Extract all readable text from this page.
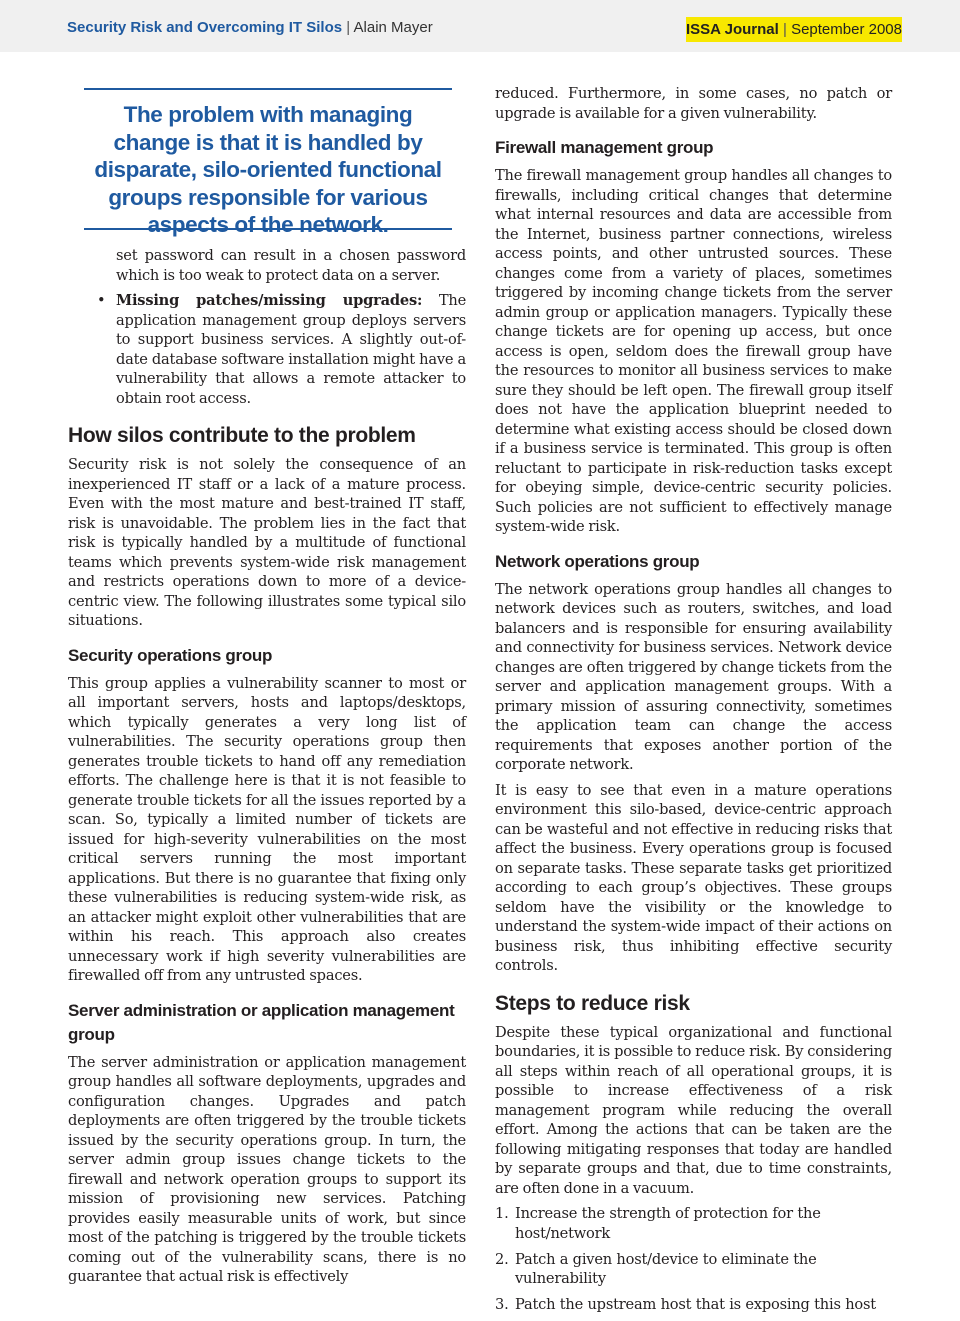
Security Risk and Overcoming IT Silos | Alain Mayer	ISSA Journal | September 2008

The problem with managing change is that it is handled by disparate, silo-oriented functional groups responsible for various aspects of the network.

set password can result in a chosen password which is too weak to protect data on a server.

• Missing patches/missing upgrades: The application management group deploys servers to support business services. A slightly out-of-date database software installation might have a vulnerability that allows a remote attacker to obtain root access.

How silos contribute to the problem

Security risk is not solely the consequence of an inexperienced IT staff or a lack of a mature process. Even with the most mature and best-trained IT staff, risk is unavoidable. The problem lies in the fact that risk is typically handled by a multitude of functional teams which prevents system-wide risk management and restricts operations down to more of a device-centric view. The following illustrates some typical silo situations.

Security operations group

This group applies a vulnerability scanner to most or all important servers, hosts and laptops/desktops, which typically generates a very long list of vulnerabilities. The security operations group then generates trouble tickets to hand off any remediation efforts. The challenge here is that it is not feasible to generate trouble tickets for all the issues reported by a scan. So, typically a limited number of tickets are issued for high-severity vulnerabilities on the most critical servers running the most important applications. But there is no guarantee that fixing only these vulnerabilities is reducing system-wide risk, as an attacker might exploit other vulnerabilities that are within his reach. This approach also creates unnecessary work if high severity vulnerabilities are firewalled off from any untrusted spaces.

Server administration or application management group

The server administration or application management group handles all software deployments, upgrades and configuration changes. Upgrades and patch deployments are often triggered by the trouble tickets issued by the security operations group. In turn, the server admin group issues change tickets to the firewall and network operation groups to support its mission of provisioning new services. Patching provides easily measurable units of work, but since most of the patching is triggered by the trouble tickets coming out of the vulnerability scans, there is no guarantee that actual risk is effectively

reduced. Furthermore, in some cases, no patch or upgrade is available for a given vulnerability.

Firewall management group

The firewall management group handles all changes to firewalls, including critical changes that determine what internal resources and data are accessible from the Internet, business partner connections, wireless access points, and other untrusted sources. These changes come from a variety of places, sometimes triggered by incoming change tickets from the server admin group or application managers. Typically these change tickets are for opening up access, but once access is open, seldom does the firewall group have the resources to monitor all business services to make sure they should be left open. The firewall group itself does not have the application blueprint needed to determine what existing access should be closed down if a business service is terminated. This group is often reluctant to participate in risk-reduction tasks except for obeying simple, device-centric security policies. Such policies are not sufficient to effectively manage system-wide risk.

Network operations group

The network operations group handles all changes to network devices such as routers, switches, and load balancers and is responsible for ensuring availability and connectivity for business services. Network device changes are often triggered by change tickets from the server and application management groups. With a primary mission of assuring connectivity, sometimes the application team can change the access requirements that exposes another portion of the corporate network.

It is easy to see that even in a mature operations environment this silo-based, device-centric approach can be wasteful and not effective in reducing risks that affect the business. Every operations group is focused on separate tasks. These separate tasks get prioritized according to each group’s objectives. These groups seldom have the visibility or the knowledge to understand the system-wide impact of their actions on business risk, thus inhibiting effective security controls.

Steps to reduce risk

Despite these typical organizational and functional boundaries, it is possible to reduce risk. By considering all steps within reach of all operational groups, it is possible to increase effectiveness of a risk management program while reducing the overall effort. Among the actions that can be taken are the following mitigating responses that today are handled by separate groups and that, due to time constraints, are often done in a vacuum.

1. Increase the strength of protection for the host/network
2. Patch a given host/device to eliminate the vulnerability
3. Patch the upstream host that is exposing this host
